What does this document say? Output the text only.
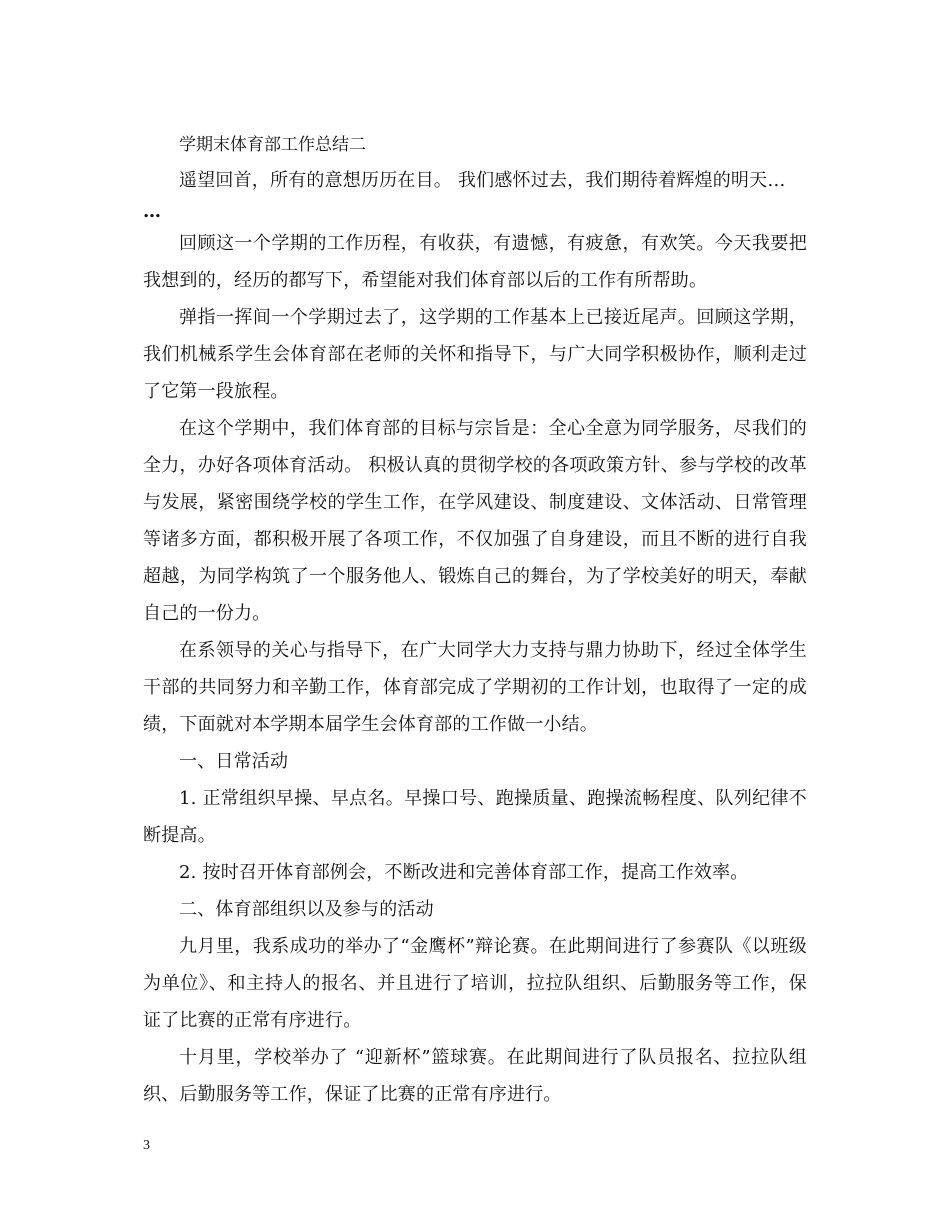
学期末体育部工作总结二

遥望回首，所有的意想历历在目。 我们感怀过去，我们期待着辉煌的明天…

…

回顾这一个学期的工作历程，有收获，有遗憾，有疲惫，有欢笑。今天我要把我想到的，经历的都写下，希望能对我们体育部以后的工作有所帮助。

弹指一挥间一个学期过去了，这学期的工作基本上已接近尾声。回顾这学期，我们机械系学生会体育部在老师的关怀和指导下，与广大同学积极协作，顺利走过了它第一段旅程。

在这个学期中，我们体育部的目标与宗旨是：全心全意为同学服务，尽我们的全力，办好各项体育活动。 积极认真的贯彻学校的各项政策方针、参与学校的改革与发展，紧密围绕学校的学生工作，在学风建设、制度建设、文体活动、日常管理等诸多方面，都积极开展了各项工作，不仅加强了自身建设，而且不断的进行自我超越，为同学构筑了一个服务他人、锻炼自己的舞台，为了学校美好的明天，奉献自己的一份力。

在系领导的关心与指导下，在广大同学大力支持与鼎力协助下，经过全体学生干部的共同努力和辛勤工作，体育部完成了学期初的工作计划，也取得了一定的成绩，下面就对本学期本届学生会体育部的工作做一小结。

一、日常活动

1. 正常组织早操、早点名。早操口号、跑操质量、跑操流畅程度、队列纪律不断提高。

2. 按时召开体育部例会，不断改进和完善体育部工作，提高工作效率。

二、体育部组织以及参与的活动

九月里，我系成功的举办了“金鹰杯”辩论赛。在此期间进行了参赛队《以班级为单位》、和主持人的报名、并且进行了培训，拉拉队组织、后勤服务等工作，保证了比赛的正常有序进行。

十月里，学校举办了 “迎新杯”篮球赛。在此期间进行了队员报名、拉拉队组织、后勤服务等工作，保证了比赛的正常有序进行。

3
